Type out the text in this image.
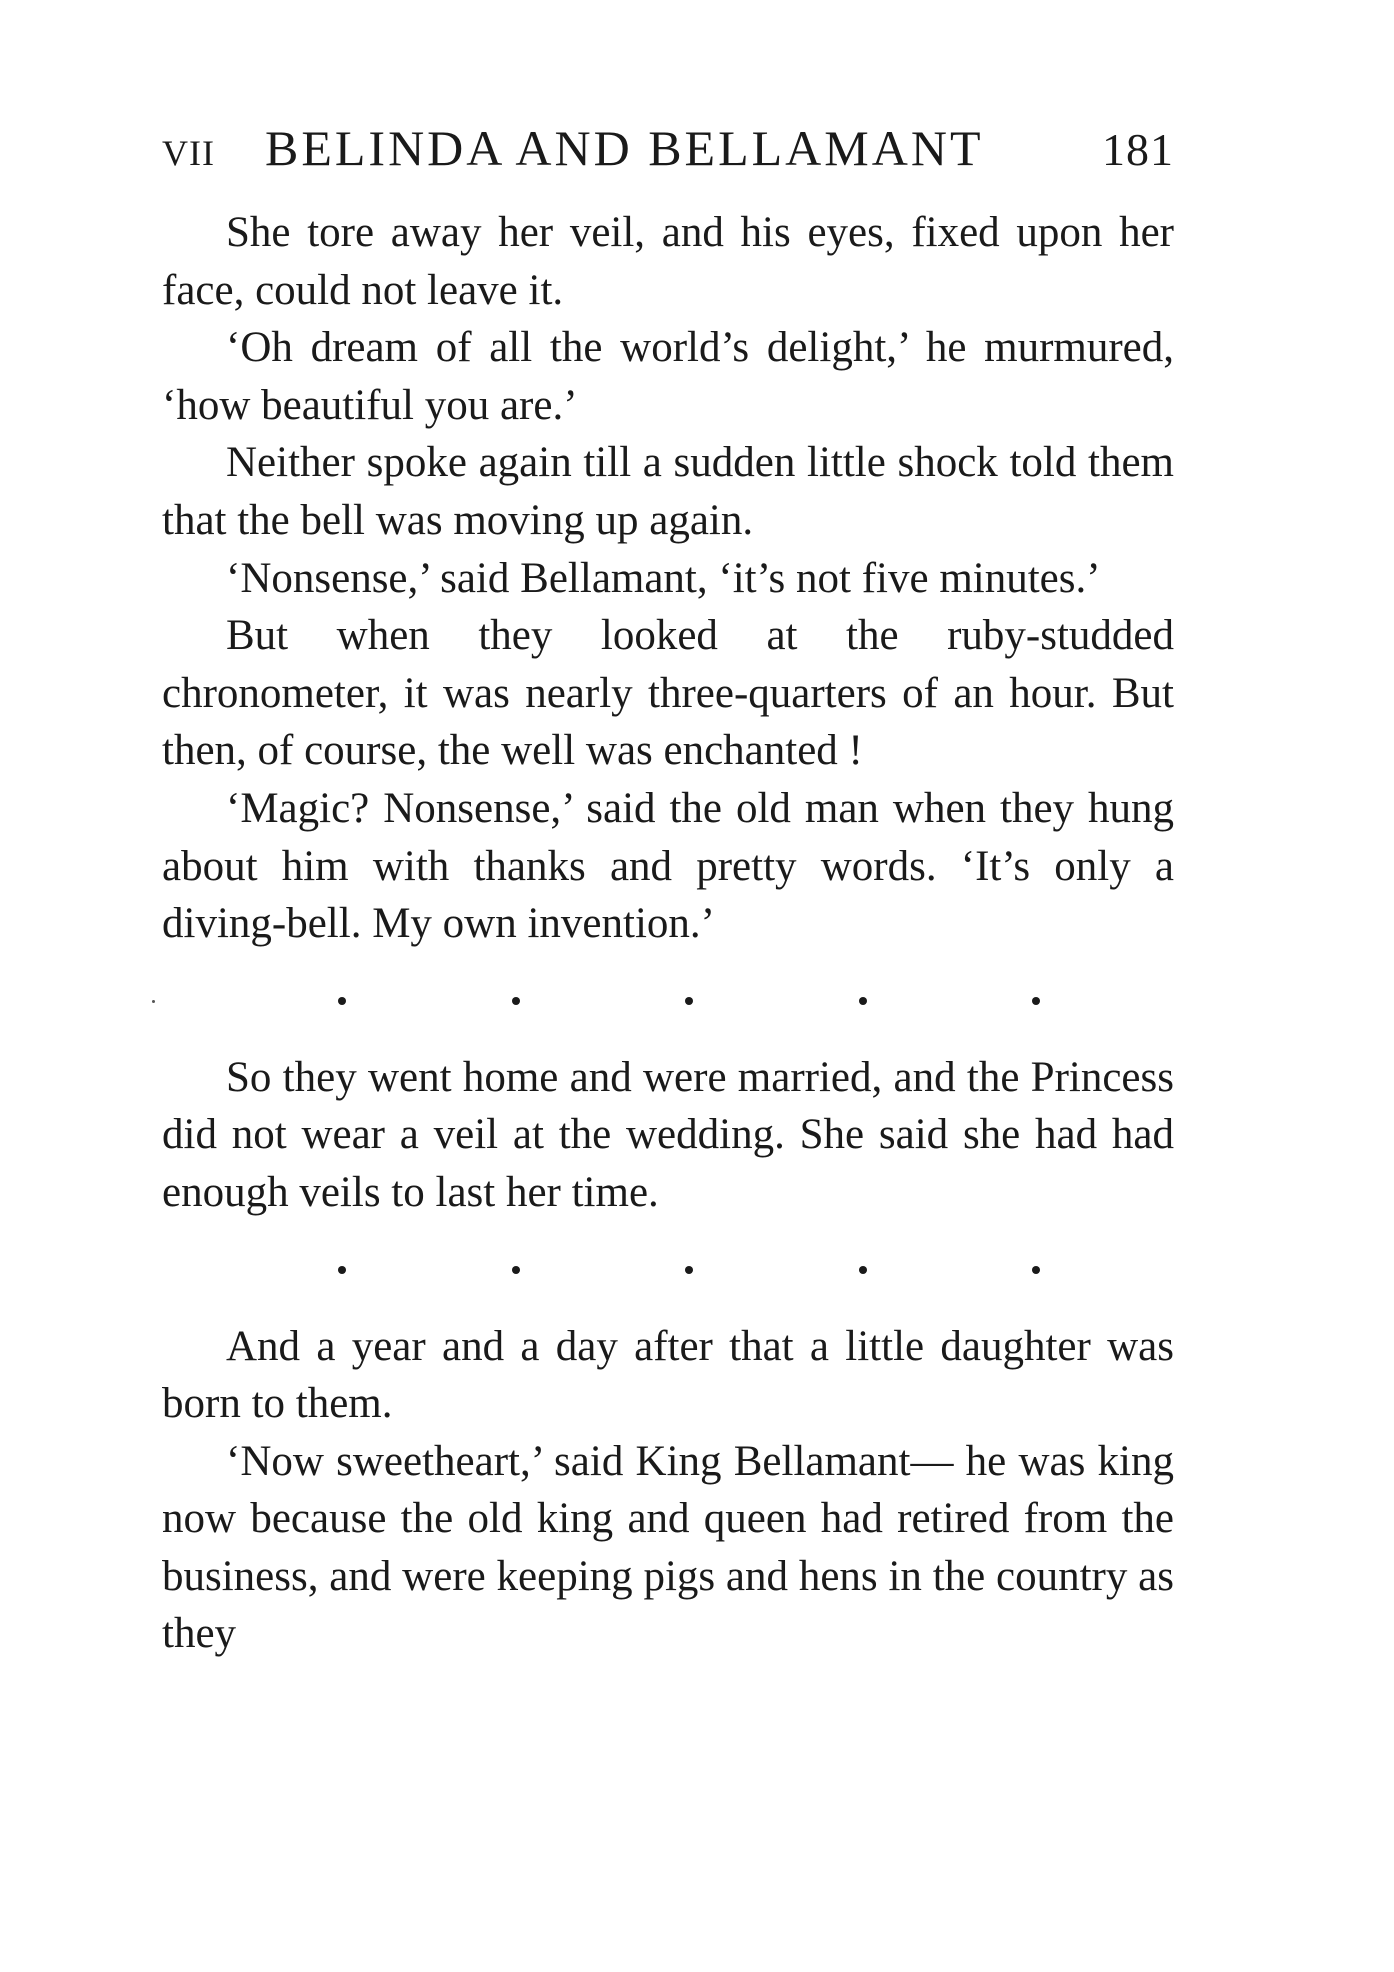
VII BELINDA AND BELLAMANT	181

She tore away her veil, and his eyes, fixed upon her face, could not leave it.

‘Oh dream of all the world’s delight,’ he murmured, ‘how beautiful you are.’

Neither spoke again till a sudden little shock told them that the bell was moving up again.

‘Nonsense,’ said Bellamant, ‘it’s not five minutes.’

But when they looked at the ruby-studded chronometer, it was nearly three-quarters of an hour. But then, of course, the well was enchanted !

‘Magic? Nonsense,’ said the old man when they hung about him with thanks and pretty words. ‘It’s only a diving-bell. My own invention.’

So they went home and were married, and the Princess did not wear a veil at the wedding. She said she had had enough veils to last her time.

And a year and a day after that a little daughter was born to them.

‘Now sweetheart,’ said King Bellamant— he was king now because the old king and queen had retired from the business, and were keeping pigs and hens in the country as they
